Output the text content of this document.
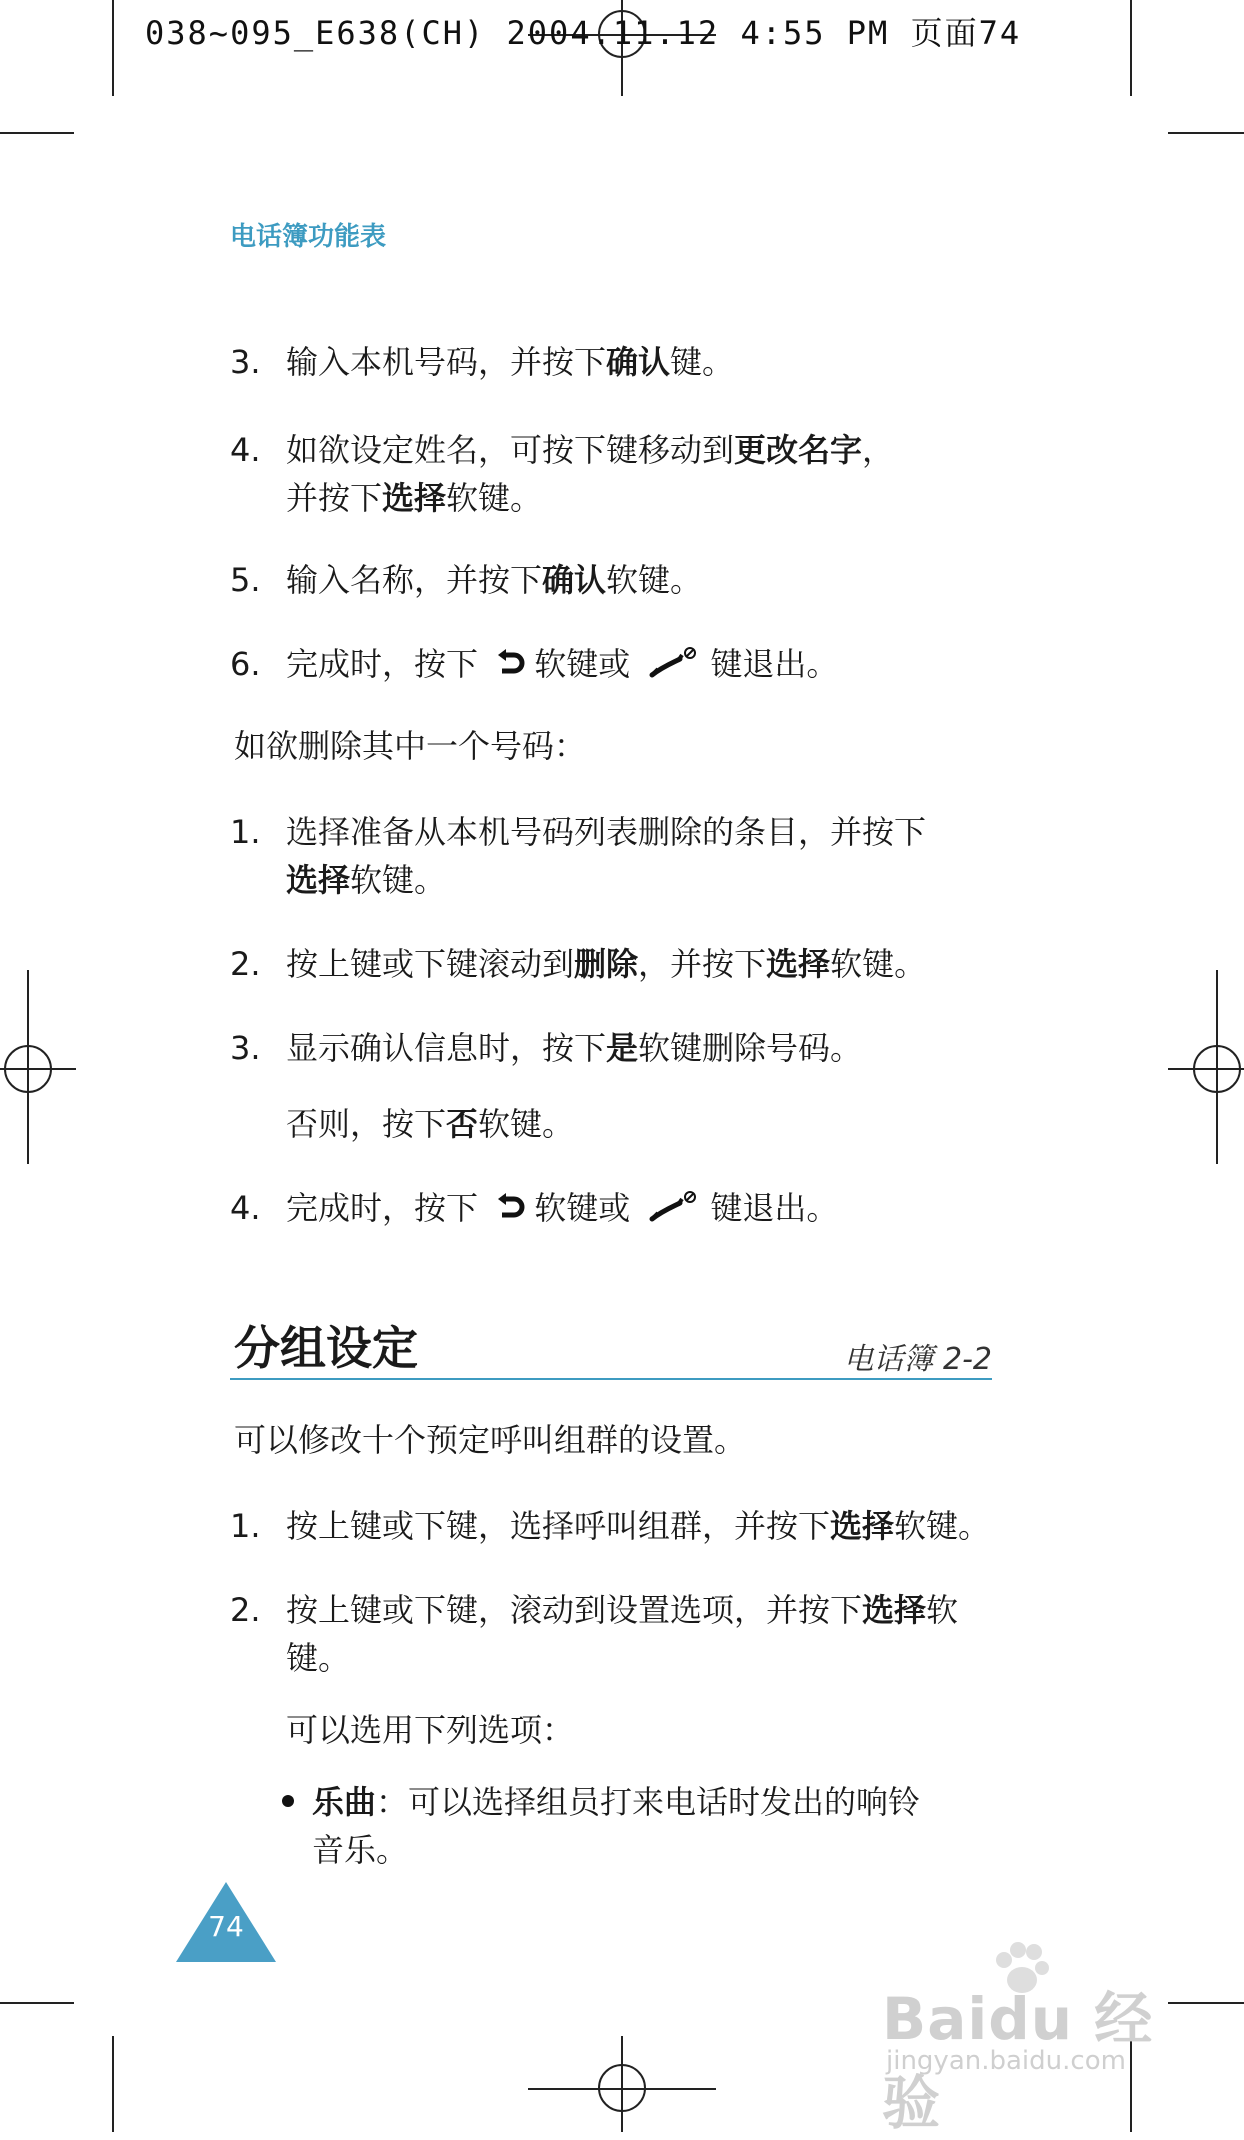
038~095_E638(CH) 2004.11.12 4:55 PM 页面74
电话簿功能表
3. 输入本机号码，并按下确认键。
4. 如欲设定姓名，可按下键移动到更改名字，
并按下选择软键。
5. 输入名称，并按下确认软键。
6. 完成时，按下 软键或	键退出。
如欲删除其中一个号码：
1. 选择准备从本机号码列表删除的条目，并按下
选择软键。
2. 按上键或下键滚动到删除，并按下选择软键。
3. 显示确认信息时，按下是软键删除号码。
否则，按下否软键。
4. 完成时，按下 软键或	键退出。
分组设定	电话簿 2-2
可以修改十个预定呼叫组群的设置。
1. 按上键或下键，选择呼叫组群，并按下选择软键。
2. 按上键或下键，滚动到设置选项，并按下选择软
键。
可以选用下列选项：
乐曲：可以选择组员打来电话时发出的响铃
音乐。
74
Baidu 经验
jingyan.baidu.com
